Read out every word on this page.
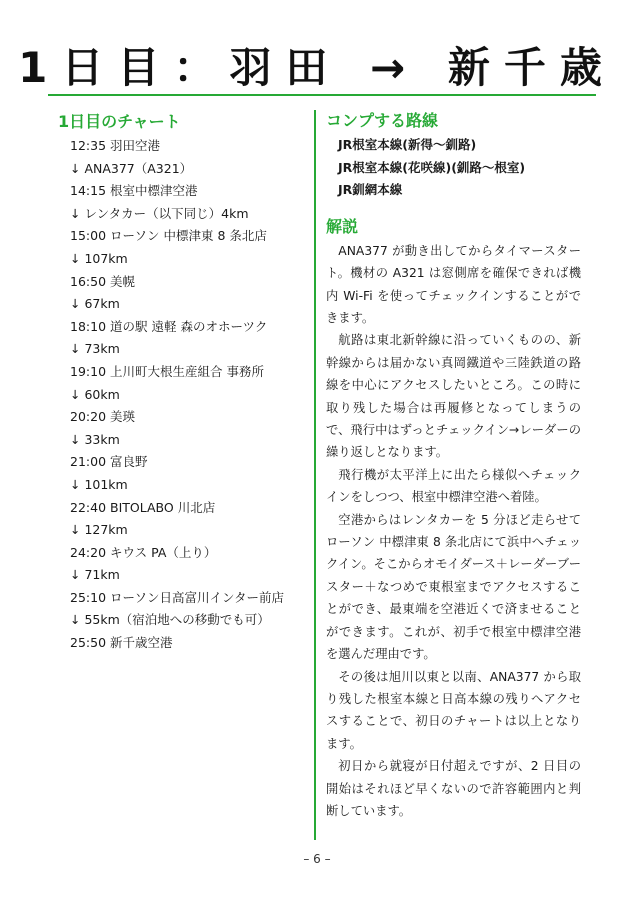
1日目：羽田 → 新千歳
1日目のチャート
12:35 羽田空港
↓ ANA377（A321）
14:15 根室中標津空港
↓ レンタカー（以下同じ）4km
15:00 ローソン 中標津東 8 条北店
↓ 107km
16:50 美幌
↓ 67km
18:10 道の駅 遠軽 森のオホーツク
↓ 73km
19:10 上川町大根生産組合 事務所
↓ 60km
20:20 美瑛
↓ 33km
21:00 富良野
↓ 101km
22:40 BITOLABO 川北店
↓ 127km
24:20 キウス PA（上り）
↓ 71km
25:10 ローソン日高富川インター前店
↓ 55km（宿泊地への移動でも可）
25:50 新千歳空港
コンプする路線
JR根室本線(新得〜釧路)
JR根室本線(花咲線)(釧路〜根室)
JR釧網本線
解説

ANA377 が動き出してからタイマースタート。機材の A321 は窓側席を確保できれば機内 Wi-Fi を使ってチェックインすることができます。

航路は東北新幹線に沿っていくものの、新幹線からは届かない真岡鐵道や三陸鉄道の路線を中心にアクセスしたいところ。この時に取り残した場合は再履修となってしまうので、飛行中はずっとチェックイン→レーダーの繰り返しとなります。

飛行機が太平洋上に出たら様似へチェックインをしつつ、根室中標津空港へ着陸。

空港からはレンタカーを 5 分ほど走らせてローソン 中標津東 8 条北店にて浜中へチェックイン。そこからオモイダース＋レーダーブースター＋なつめで東根室までアクセスすることができ、最東端を空港近くで済ませることができます。これが、初手で根室中標津空港を選んだ理由です。

その後は旭川以東と以南、ANA377 から取り残した根室本線と日高本線の残りへアクセスすることで、初日のチャートは以上となります。

初日から就寝が日付超えですが、2 日目の開始はそれほど早くないので許容範囲内と判断しています。

– 6 –
